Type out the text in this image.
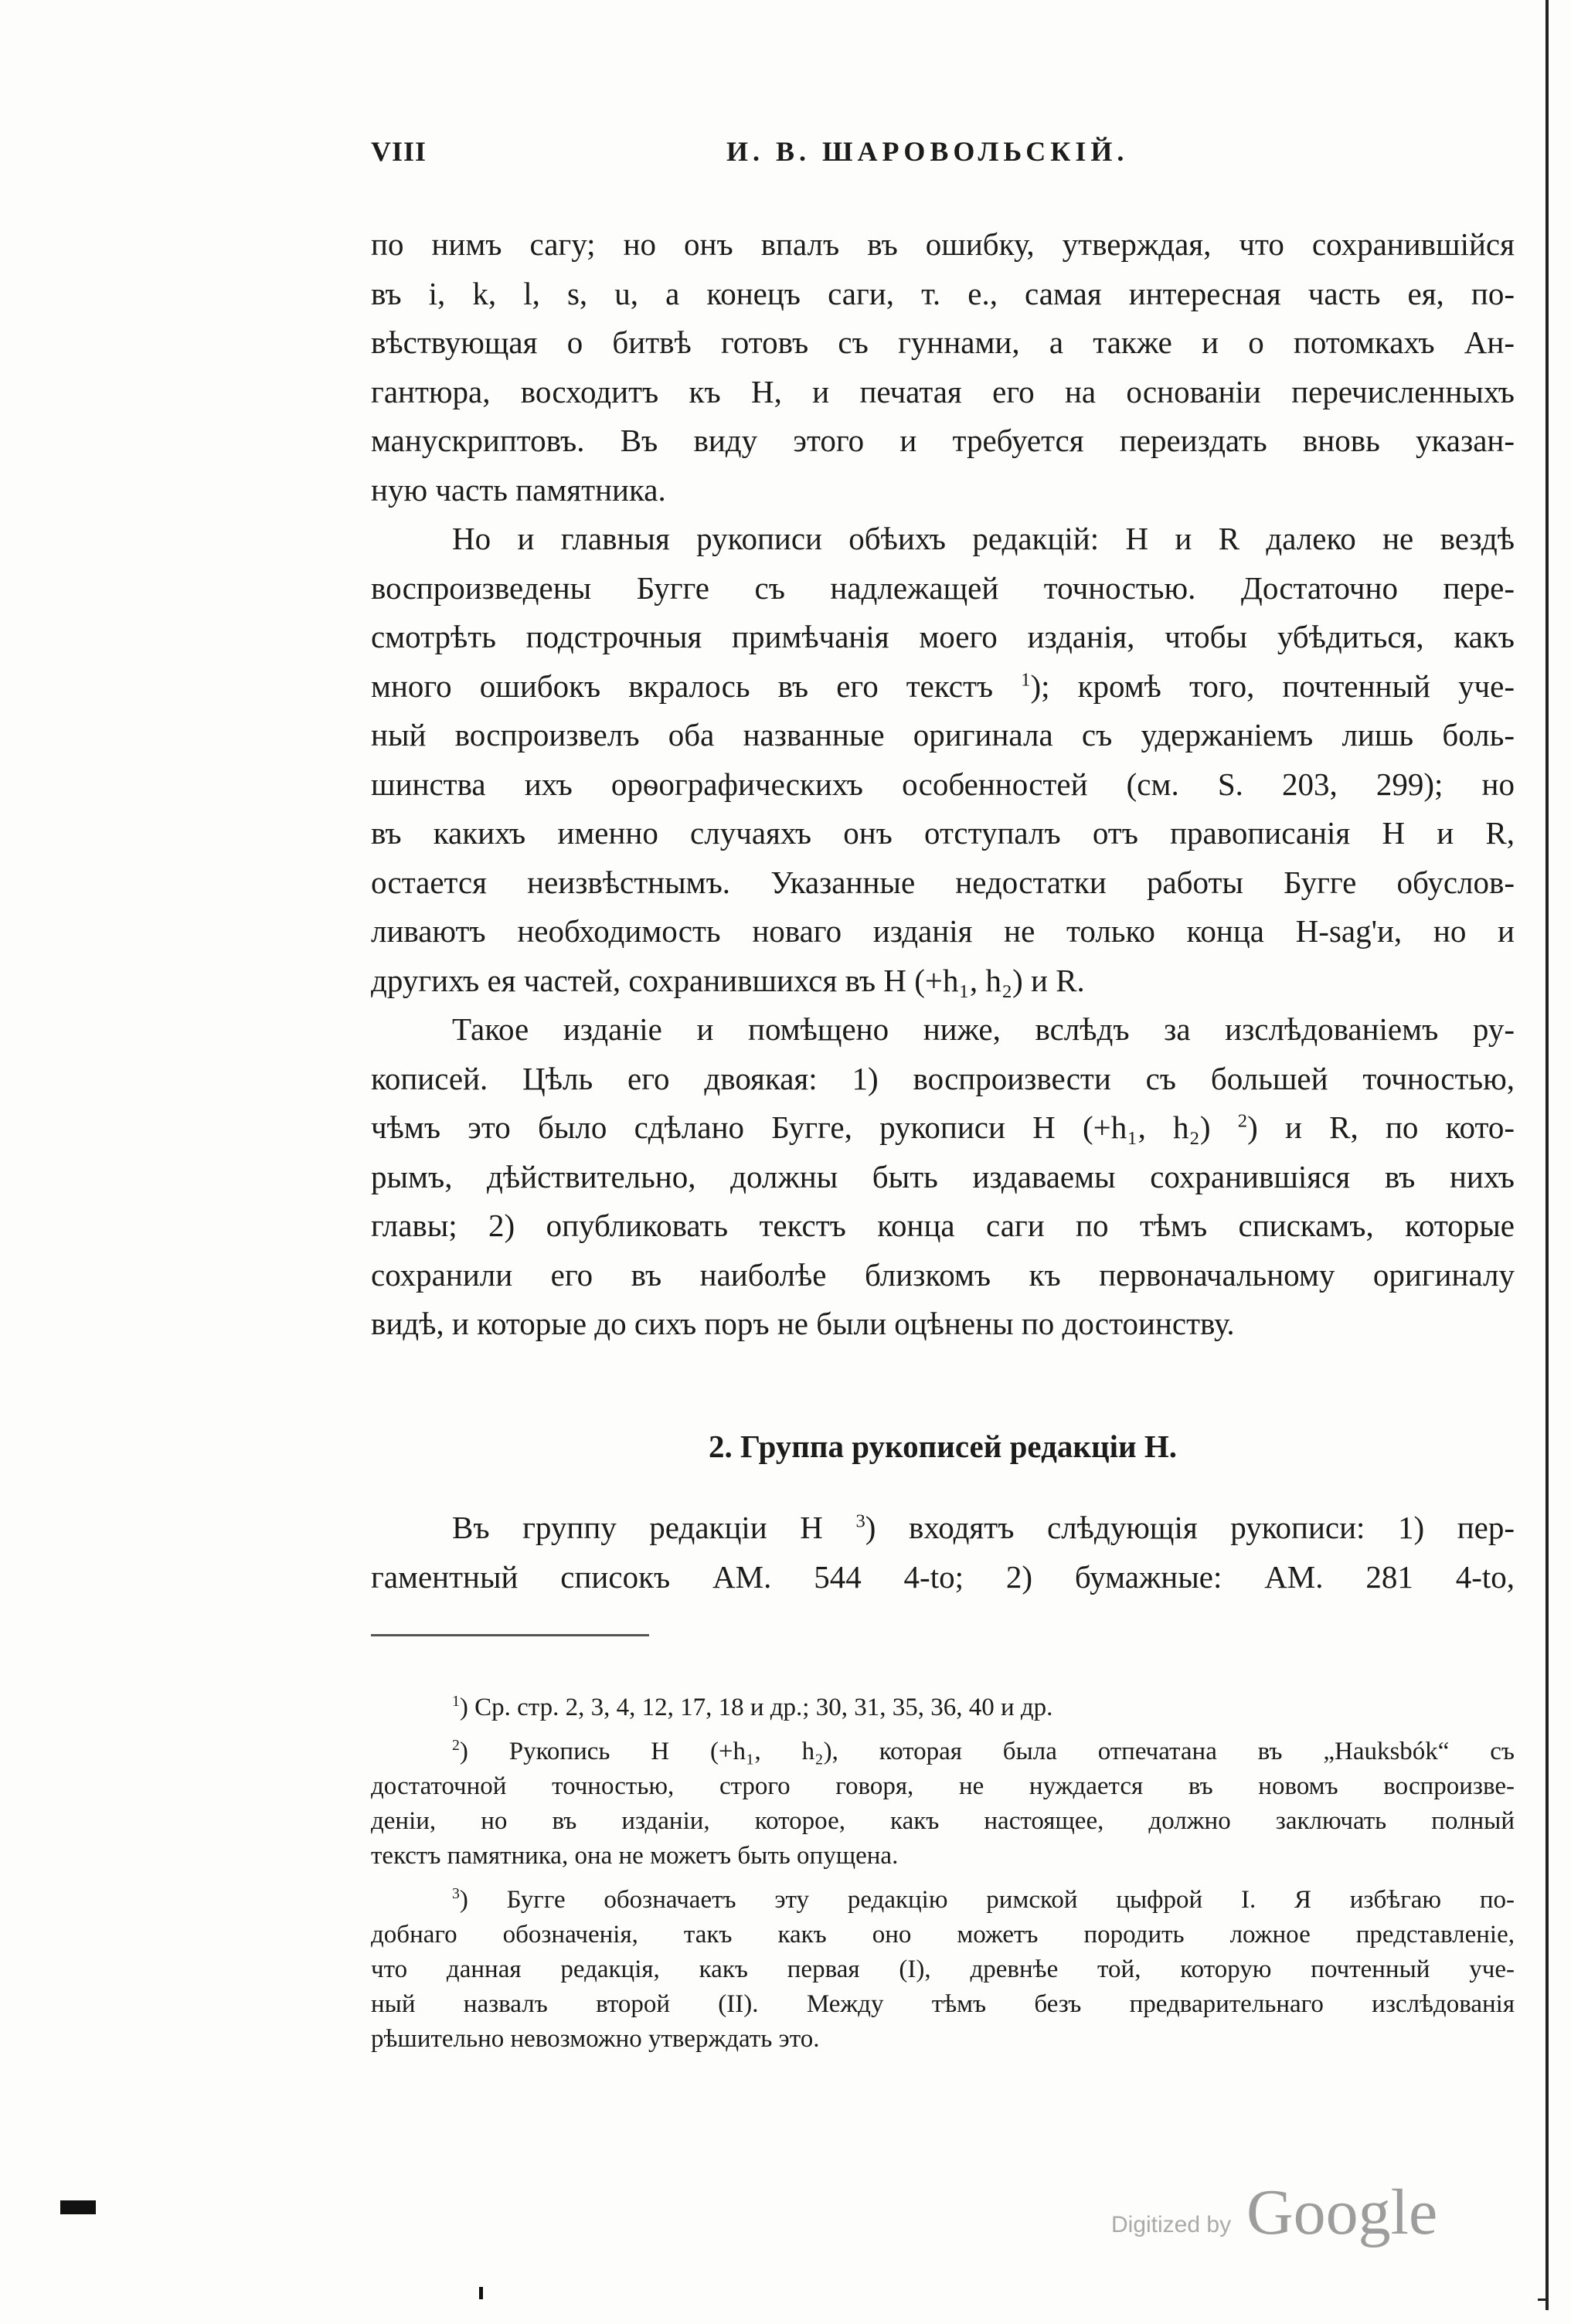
VIII	И. В. ШАРОВОЛЬСКІЙ.

по нимъ сагу; но онъ впалъ въ ошибку, утверждая, что сохранившійся
въ i, k, l, s, u, а конецъ саги, т. е., самая интересная часть ея, по-
вѣствующая о битвѣ готовъ съ гуннами, а также и о потомкахъ Ан-
гантюра, восходитъ къ H, и печатая его на основаніи перечисленныхъ
манускриптовъ. Въ виду этого и требуется переиздать вновь указан-
ную часть памятника.

Но и главныя рукописи обѣихъ редакцій: H и R далеко не вездѣ
воспроизведены Бугге съ надлежащей точностью. Достаточно пере-
смотрѣть подстрочныя примѣчанія моего изданія, чтобы убѣдиться, какъ
много ошибокъ вкралось въ его текстъ $^1$); кромѣ того, почтенный уче-
ный воспроизвелъ оба названные оригинала съ удержаніемъ лишь боль-
шинства ихъ орѳографическихъ особенностей (см. S. 203, 299); но
въ какихъ именно случаяхъ онъ отступалъ отъ правописанія H и R,
остается неизвѣстнымъ. Указанные недостатки работы Бугге обуслов-
ливаютъ необходимость новаго изданія не только конца H-sag'и, но и
другихъ ея частей, сохранившихся въ H (+h₁, h₂) и R.

Такое изданіе и помѣщено ниже, вслѣдъ за изслѣдованіемъ ру-
кописей. Цѣль его двоякая: 1) воспроизвести съ большей точностью,
чѣмъ это было сдѣлано Бугге, рукописи H (+h₁, h₂) $^2$) и R, по кото-
рымъ, дѣйствительно, должны быть издаваемы сохранившіяся въ нихъ
главы; 2) опубликовать текстъ конца саги по тѣмъ спискамъ, которые
сохранили его въ наиболѣе близкомъ къ первоначальному оригиналу
видѣ, и которые до сихъ поръ не были оцѣнены по достоинству.

2. Группа рукописей редакціи H.
Въ группу редакціи H $^3$) входятъ слѣдующія рукописи: 1) пер-
гаментный списокъ AM. 544 4-to; 2) бумажные: AM. 281 4-to,
$^1$) Ср. стр. 2, 3, 4, 12, 17, 18 и др.; 30, 31, 35, 36, 40 и др.
$^2$) Рукопись H (+h₁, h₂), которая была отпечатана въ „Hauksbók“ съ
достаточной точностью, строго говоря, не нуждается въ новомъ воспроизве-
деніи, но въ изданіи, которое, какъ настоящее, должно заключать полный
текстъ памятника, она не можетъ быть опущена.
$^3$) Бугге обозначаетъ эту редакцію римской цыфрой I. Я избѣгаю по-
добнаго обозначенія, такъ какъ оно можетъ породить ложное представленіе,
что данная редакція, какъ первая (I), древнѣе той, которую почтенный уче-
ный назвалъ второй (II). Между тѣмъ безъ предварительнаго изслѣдованія
рѣшительно невозможно утверждать это.
Digitized by Google
